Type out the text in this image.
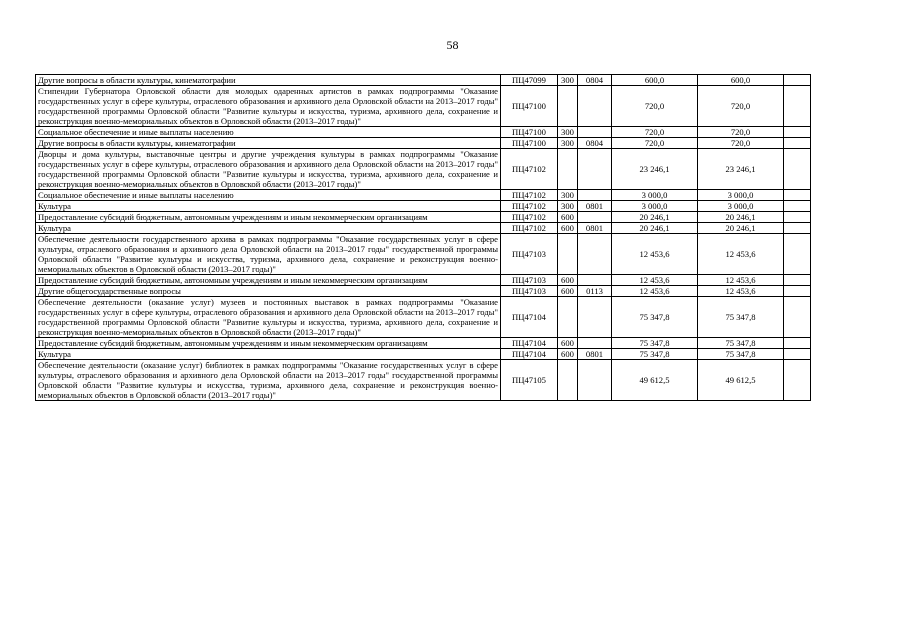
58
Другие вопросы в области культуры, кинематографии	ПЦ47099	300	0804	600,0	600,0	
Стипендии Губернатора Орловской области для молодых одаренных артистов в рамках подпрограммы "Оказание государственных услуг в сфере культуры, отраслевого образования и архивного дела Орловской области на 2013–2017 годы" государственной программы Орловской области "Развитие культуры и искусства, туризма, архивного дела, сохранение и реконструкция военно-мемориальных объектов в Орловской области (2013–2017 годы)"	ПЦ47100			720,0	720,0	
Социальное обеспечение и иные выплаты населению	ПЦ47100	300		720,0	720,0	
Другие вопросы в области культуры, кинематографии	ПЦ47100	300	0804	720,0	720,0	
Дворцы и дома культуры, выставочные центры и другие учреждения культуры в рамках подпрограммы "Оказание государственных услуг в сфере культуры, отраслевого образования и архивного дела Орловской области на 2013–2017 годы" государственной программы Орловской области "Развитие культуры и искусства, туризма, архивного дела, сохранение и реконструкция военно-мемориальных объектов в Орловской области (2013–2017 годы)"	ПЦ47102			23 246,1	23 246,1	
Социальное обеспечение и иные выплаты населению	ПЦ47102	300		3 000,0	3 000,0	
Культура	ПЦ47102	300	0801	3 000,0	3 000,0	
Предоставление субсидий бюджетным, автономным учреждениям и иным некоммерческим организациям	ПЦ47102	600		20 246,1	20 246,1	
Культура	ПЦ47102	600	0801	20 246,1	20 246,1	
Обеспечение деятельности государственного архива в рамках подпрограммы "Оказание государственных услуг в сфере культуры, отраслевого образования и архивного дела Орловской области на 2013–2017 годы" государственной программы Орловской области "Развитие культуры и искусства, туризма, архивного дела, сохранение и реконструкция военно-мемориальных объектов в Орловской области (2013–2017 годы)"	ПЦ47103			12 453,6	12 453,6	
Предоставление субсидий бюджетным, автономным учреждениям и иным некоммерческим организациям	ПЦ47103	600		12 453,6	12 453,6	
Другие общегосударственные вопросы	ПЦ47103	600	0113	12 453,6	12 453,6	
Обеспечение деятельности (оказание услуг) музеев и постоянных выставок в рамках подпрограммы "Оказание государственных услуг в сфере культуры, отраслевого образования и архивного дела Орловской области на 2013–2017 годы" государственной программы Орловской области "Развитие культуры и искусства, туризма, архивного дела, сохранение и реконструкция военно-мемориальных объектов в Орловской области (2013–2017 годы)"	ПЦ47104			75 347,8	75 347,8	
Предоставление субсидий бюджетным, автономным учреждениям и иным некоммерческим организациям	ПЦ47104	600		75 347,8	75 347,8	
Культура	ПЦ47104	600	0801	75 347,8	75 347,8	
Обеспечение деятельности (оказание услуг) библиотек в рамках подпрограммы "Оказание государственных услуг в сфере культуры, отраслевого образования и архивного дела Орловской области на 2013–2017 годы" государственной программы Орловской области "Развитие культуры и искусства, туризма, архивного дела, сохранение и реконструкция военно-мемориальных объектов в Орловской области (2013–2017 годы)"	ПЦ47105			49 612,5	49 612,5	
